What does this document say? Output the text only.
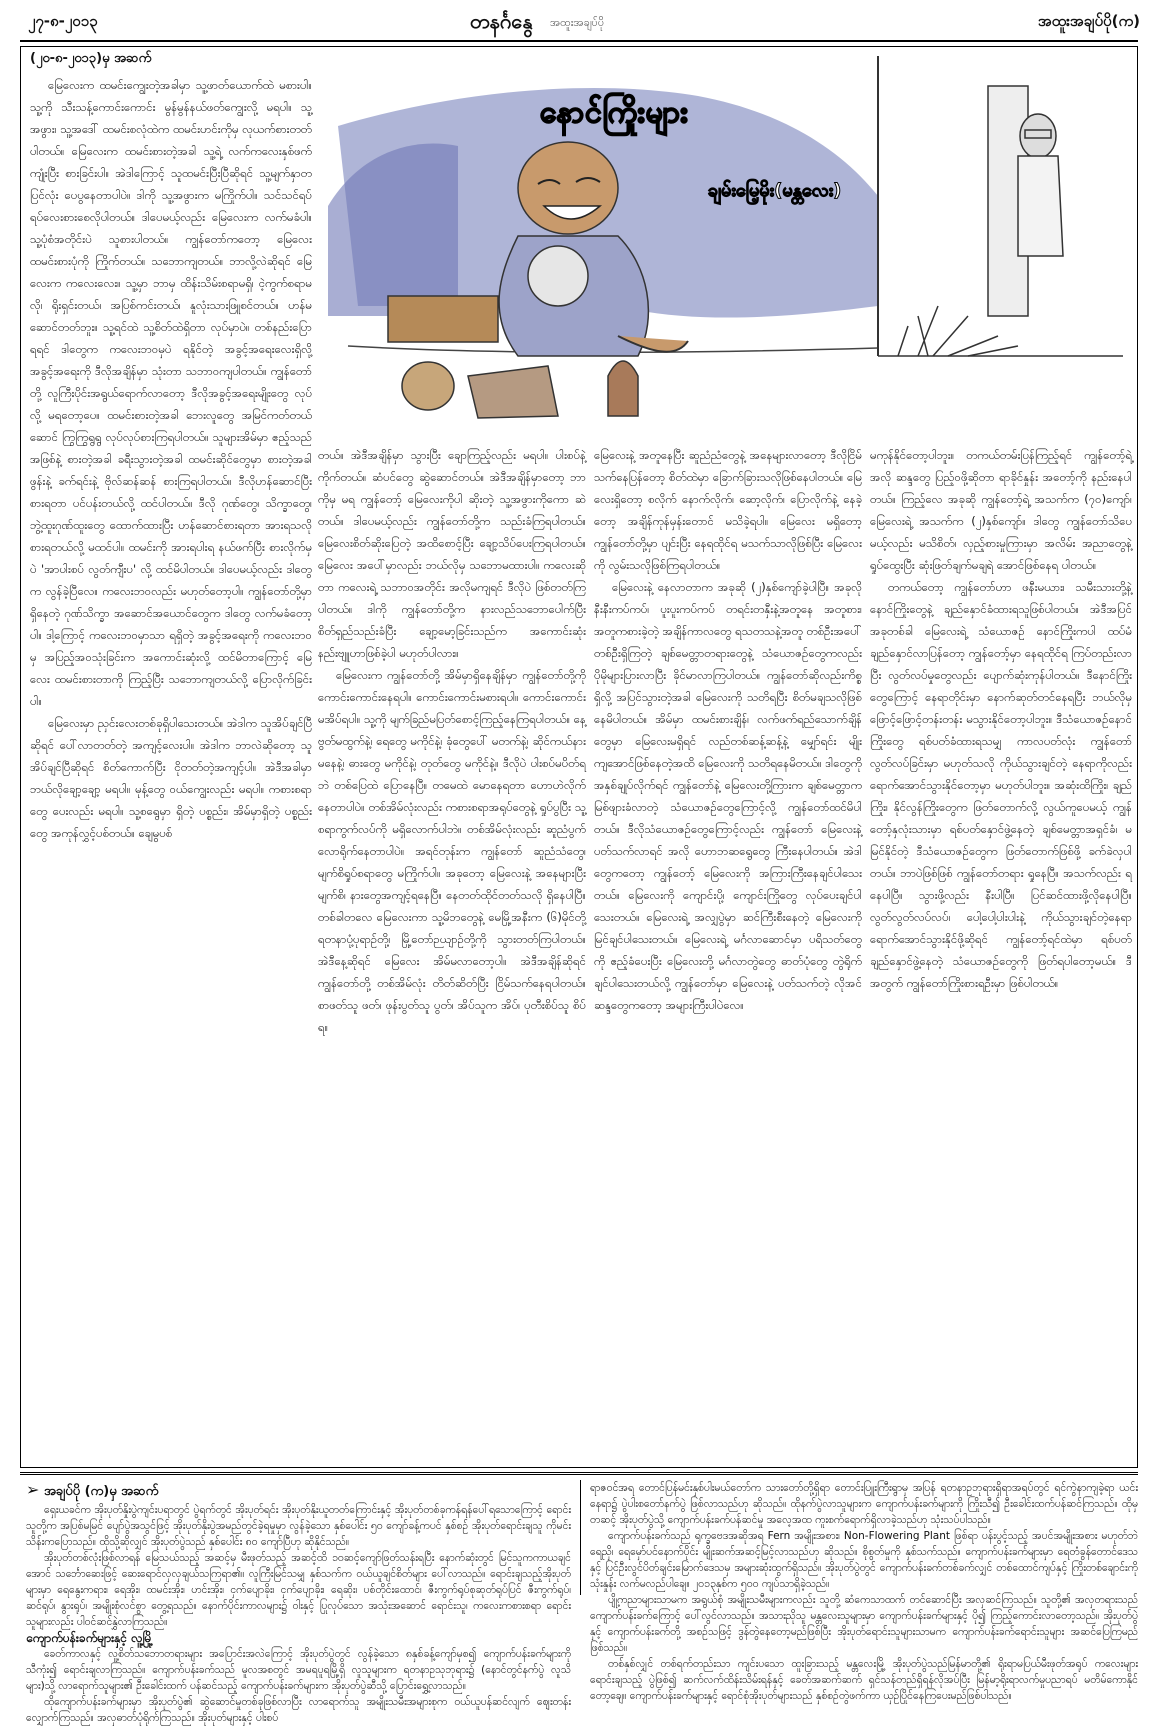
၂၇-၈-၂၀၁၃	တနင်္ဂနွေ အထူးအချပ်ပို	အထူးအချပ်ပို(က)
(၂၀-၈-၂၀၁၃)မှ အဆက်

မြေလေးက ထမင်းကျွေးတဲ့အခါမှာ သူ့ဖာတ်ယောက်ထဲ မစားပါ။ သူ့ကို သီးသန့်ကောင်းကောင်း မွန်မွန်နယ်ဖတ်ကျွေးလို့ မရပါ။ သူ့အဖွား၊ သူ့အဒေါ် ထမင်းစလုံထဲက ထမင်းဟင်းကိုမှ လုယက်စားတတ်ပါတယ်။ မြေလေးက ထမင်းစားတဲ့အခါ သူ့ရဲ့ လက်ကလေးနှစ်ဖက်ကျုံးပြီး စားခြင်းပါ။ အဲဒါကြောင့် သူထမင်းပြီးပြီဆိုရင် သူ့မျက်နှာတပြင်လုံး ပေပွနေတာပါပဲ။ ဒါကို သူ့အဖွားက မကြိုက်ပါ။ သင်သင်ရပ်ရပ်လေးစားစေလိုပါတယ်။ ဒါပေမယ့်လည်း မြေလေးက လက်မခံပါ။ သူ့ပုံစံအတိုင်းပဲ သူစားပါတယ်။ ကျွန်တော်ကတော့ မြေလေးထမင်းစားပုံကို ကြိုက်တယ်။ သဘောကျတယ်။ ဘာလို့လဲဆိုရင် မြေလေးက ကလေးလေး။ သူ့မှာ ဘာမှ ထိန်းသိမ်းစရာမရှိ၊ ငဲ့ကွက်စရာမလို၊ ရိုးရှင်းတယ်၊ အပြစ်ကင်းတယ်၊ နူလုံးသားဖြူစင်တယ်။ ဟန်မဆောင်တတ်ဘူး။ သူ့ရင်ထဲ သူ့စိတ်ထဲရှိတာ လုပ်မှာပဲ။ တစ်နည်းပြောရရင် ဒါတွေက ကလေးဘဝမှပဲ ရနိုင်တဲ့ အခွင့်အရေးလေးရှိလို့ အခွင့်အရေးကို ဒီလိုအချိန်မှာ သုံးတာ သဘာဝကျပါတယ်။ ကျွန်တော်တို့ လူကြီးပိုင်းအရွယ်ရောက်လာတော့ ဒီလိုအခွင့်အရေးမျိုးတွေ လုပ်လို့ မရတော့ပေ။ ထမင်းစားတဲ့အခါ ဘေးလူတွေ အမြင်ကတ်တယ်ဆောင် ကြွကြွရွရွ လုပ်လုပ်စားကြရပါတယ်။ သူများအိမ်မှာ ဧည့်သည်အဖြစ်နဲ့ စားတဲ့အခါ ခရီးသွားတဲ့အခါ ထမင်းဆိုင်တွေမှာ စားတဲ့အခါ ဖွန်းနဲ့ ခက်ရင်းနဲ့ ဗိုလ်ဆန်ဆန် စားကြရပါတယ်။ ဒီလိုဟန်ဆောင်ပြီး စားရတာ ပင်ပန်းတယ်လို့ ထင်ပါတယ်။ ဒီလို ဂုဏ်တွေ၊ သိက္ခာတွေ၊ ဘွဲ့ထူးဂုဏ်ထူးတွေ ထောက်ထားပြီး ဟန်ဆောင်စားရတာ အားရသလို စားရတယ်လို့ မထင်ပါ။ ထမင်းကို အားရပါးရ နယ်ဖက်ပြီး စားလိုက်မှပဲ 'အာပါးစပ် လွတ်ကျီးပ' လို့ ထင်မိပါတယ်။ ဒါပေမယ့်လည်း ဒါတွေက လွန်ခဲ့ပြီလေ။ ကလေးဘဝလည်း မဟုတ်တော့ပါ။ ကျွန်တော်တို့မှာ ရှိနေတဲ့ ဂုဏ်သိက္ခာ အဆောင်အယောင်တွေက ဒါတွေ လက်မခံတော့ပါ။ ဒါ့ကြောင့် ကလေးဘဝမှာသာ ရရှိတဲ့ အခွင့်အရေးကို ကလေးဘဝမှ အပြည့်အဝသုံးခြင်းက အကောင်းဆုံးလို့ ထင်မိတာကြောင့် မြေလေး ထမင်းစားတာကို ကြည့်ပြီး သဘောကျတယ်လို့ ပြောလိုက်ခြင်းပါ။

မြေလေးမှာ ညှင်းလေးတစ်ခုရှိပါသေးတယ်။ အဲဒါက သူအိပ်ချင်ပြီဆိုရင် ပေါ်လာတတ်တဲ့ အကျင့်လေးပါ။ အဲဒါက ဘာလဲဆိုတော့ သူအိပ်ချင်ပြီဆိုရင် စိတ်ကောက်ပြီး ငိုတတ်တဲ့အကျင့်ပါ။ အဲဒီအခါမှာ ဘယ်လိုချော့ချော့ မရပါ။ မုန့်တွေ ဝယ်ကျွေးလည်း မရပါ။ ကစားစရာတွေ ပေးလည်း မရပါ။ သူ့စရွေမှာ ရှိတဲ့ ပစ္စည်း၊ အိမ်မှာရှိတဲ့ ပစ္စည်းတွေ အကုန်လွှင့်ပစ်တယ်။ ချေမွပစ်

နောင်ကြိုးများ
ချမ်းမြေ့မိုး(မန္တလေး)

တယ်။ အဲဒီအချိန်မှာ သွားပြီး ချောကြည့်လည်း မရပါ။ ပါးစပ်နဲ့ ကိုက်တယ်။ ဆံပင်တွေ ဆွဲဆောင်တယ်။ အဲဒီအချိန်မှာတော့ ဘာကိုမှ မရ ကျွန်တော့် မြေလေးကိုပါ ဆိုးတဲ့ သူ့အဖွားကိုကော ဆဲတယ်။ ဒါပေမယ့်လည်း ကျွန်တော်တို့က သည်းခံကြရပါတယ်။ မြေလေးစိတ်ဆိုးပြေတဲ့ အထိစောင့်ပြီး ချော့သိပ်ပေးကြရပါတယ်။ မြေလေး အပေါ်မှာလည်း ဘယ်လိုမှ သဘောမထားပါ။ ကလေးဆိုတာ ကလေးရဲ့ သဘာဝအတိုင်း အလိုမကျရင် ဒီလိုပဲ ဖြစ်တတ်ကြပါတယ်။ ဒါကို ကျွန်တော်တို့က နားလည်သဘောပေါက်ပြီး စိတ်ရှည်သည်းခံပြီး ချော့မော့ခြင်းသည်က အကောင်းဆုံးနည်းဗျူဟာဖြစ်ခဲ့ပါ မဟုတ်ပါလား။

မြေလေးက ကျွန်တော်တို့ အိမ်မှာရှိနေချိန်မှာ ကျွန်တော်တို့ကို ကောင်းကောင်းနေရပါ။ ကောင်းကောင်းမစားရပါ။ ကောင်းကောင်း မအိပ်ရပါ။ သူ့ကို မျက်ခြည်မပြတ်စောင့်ကြည့်နေကြရပါတယ်။ နေ့ဗွတ်မထွက်နဲ့၊ ရေတွေ မကိုင်နဲ့၊ ခုံတွေပေါ် မတက်နဲ့၊ ဆိုင်ကယ်နား မနေနဲ့၊ ဓားတွေ မကိုင်နဲ့၊ တုတ်တွေ မကိုင်နဲ့။ ဒီလိုပဲ ပါးစပ်မပိတ်ရဘဲ တစ်ပြေထဲ ပြောနေပြီ။ တမေထဲ မောနေရတာ ဟောဟဲလိုက်နေတာပါပဲ။ တစ်အိမ်လုံးလည်း ကစားစရာအရုပ်တွေနဲ့ ရှုပ်ပွပြီး သူ့စရာကွက်လပ်ကို မရှိလောက်ပါဘဲ။ တစ်အိမ်လုံးလည်း ဆူညံပွက်လောရိုက်နေတာပါပဲ။ အရင်တုန်းက ကျွန်တော် ဆူညံသံတွေ၊ မျက်စိရှုပ်စရာတွေ မကြိုက်ပါ။ အခုတော့ မြေလေးနဲ့ အနေများပြီး မျက်စိ၊ နားတွေအကျင့်ရနေပြီ။ နေတတ်ထိုင်တတ်သလို ရှိနေပါပြီ။ တစ်ခါတလေ မြေလေးကာ သူ့မိဘတွေနဲ့ မေမြို့အနီးက (၆)မိုင်တို့ ရတနာပုံ့ပုရာဉ်တို့၊ မြို့တော်ဉယျာဉ်တို့ကို သွားတတ်ကြပါတယ်။ အဲဒီနေ့ဆိုရင် မြေလေး အိမ်မလာတော့ပါ။ အဲဒီအချိန်ဆိုရင် ကျွန်တော်တို့ တစ်အိမ်လုံး တိတ်ဆိတ်ပြီး ငြိမ်သက်နေရပါတယ်။ စာဖတ်သူ ဖတ်၊ ဖုန်းပွတ်သူ ပွတ်၊ အိပ်သူက အိပ်၊ ပုတီးစိပ်သူ စိပ်ရ။

မြေလေးနဲ့ အတူနေပြီး ဆူညံညံတွေနဲ့ အနေများလာတော့ ဒီလိုငြိမ်သက်နေပြန်တော့ စိတ်ထဲမှာ ခြောက်ခြားသလိုဖြစ်နေပါတယ်။ မြေလေးရှိတော့ စလိုက် နောက်လိုက်၊ ဆော့လိုက်၊ ပြောလိုက်နဲ့ နေခဲ့တော့ အချိန်ကုန်မှန်းတောင် မသိခဲ့ရပါ။ မြေလေး မရှိတော့ ကျွန်တော်တို့မှာ ပျင်းပြီး နေရထိုင်ရ မသက်သာလိုဖြစ်ပြီး မြေလေးကို လွမ်းသလိုဖြစ်ကြရပါတယ်။

မြေလေးနဲ့ နေလာတာက အခုဆို (၂)နှစ်ကျော်ခဲ့ပါပြီ။ အခုလို နီးနီးကပ်ကပ်၊ ပူးပူးကပ်ကပ် တရင်းတနှီးနဲ့အတူနေ အတူစား၊ အတူကစားခဲ့တဲ့ အချိန်ကာလတွေ ရသတသနဲ့အတူ တစ်ဦးအပေါ် တစ်ဦးရှိကြတဲ့ ချစ်မေတ္တာတရားတွေနဲ့ သံယောဇဉ်တွေကလည်း ပိုမိုများပြားလာပြီး ခိုင်မာလာကြပါတယ်။ ကျွန်တော်ဆိုလည်းကိစ္စရှိလို့ အပြင်သွားတဲ့အခါ မြေလေးကို သတိရပြီး စိတ်မချသလိုဖြစ်နေမိပါတယ်။ အိမ်မှာ ထမင်းစားချိန်၊ လက်ဖက်ရည်သောက်ချိန်တွေမှာ မြေလေးမရှိရင် လည်တစ်ဆန့်ဆန့်နဲ့ မျှော်ရင်း မျိုးကျအောင်ဖြစ်နေတဲ့အထိ မြေလေးကို သတိရနေမိတယ်။ ဒါတွေကို အနှစ်ချုပ်လိုက်ရင် ကျွန်တော်နဲ့ မြေလေးတို့ကြားက ချစ်မေတ္တာက မြစ်ဖျားခံလာတဲ့ သံယောဇဉ်တွေကြောင့်လို့ ကျွန်တော်ထင်မိပါတယ်။ ဒီလိုသံယောဇဉ်တွေကြောင့်လည်း ကျွန်တော် မြေလေးနဲ့ ပတ်သက်လာရင် အလို ဟောဘဆရွေတွေ ကြီးနေပါတယ်။ အဲဒါတွေကတော့ ကျွန်တော့် မြေလေးကို အကြားကြီးနေချင်ပါသေးတယ်။ မြေလေးကို ကျောင်းပို့၊ ကျောင်းကြိုတွေ လုပ်ပေးချင်ပါသေးတယ်။ မြေလေးရဲ့ အလျှပွဲမှာ ဆင်ကြီးစီးနေတဲ့ မြေလေးကို မြင်ချင်ပါသေးတယ်။ မြေလေးရဲ့ မင်္ဂလာဆောင်မှာ ပရိသတ်တွေကို ဧည့်ခံပေးပြီး မြေလေးတို့ မင်္ဂလာတွဲတွေ ဓာတ်ပုံတွေ တွဲရိုက်ချင်ပါသေးတယ်လို့ ကျွန်တော်မှာ မြေလေးနဲ့ ပတ်သက်တဲ့ လိုအင်ဆန္ဒတွေကတော့ အများကြီးပါပဲလေ။

မကုန်နိုင်တော့ပါဘူး။ တကယ်တမ်းပြန်ကြည့်ရင် ကျွန်တော့်ရဲ့ အလို ဆန္ဒတွေ ပြည့်ဝဖို့ဆိုတာ ရာခိုင်နှုန်း အတော့်ကို နည်းနေပါတယ်။ ကြည့်လေ အခုဆို ကျွန်တော့်ရဲ့ အသက်က (၇၀)ကျော်၊ မြေလေးရဲ့ အသက်က (၂)နှစ်ကျော်။ ဒါတွေ ကျွန်တော်သိပေမယ့်လည်း မသိစိတ်၊ လှည့်စားမှုကြားမှာ အလိမ်း အညာတွေနဲ့ ရှုပ်ထွေးပြီး ဆုံးဖြတ်ချက်မချရဲ အောင်ဖြစ်နေရ ပါတယ်။

တကယ်တော့ ကျွန်တော်ဟာ ဖနီးမယား၊ သမီးသားတို့နဲ့ နောင်ကြိုးတွေနဲ့ ချည်နှောင်ခံထားရသူဖြစ်ပါတယ်။ အဲဒီအပြင် အခုတစ်ခါ မြေလေးရဲ့ သံယောဇဉ် နောင်ကြိုးကပါ ထပ်မံချည်နှောင်လာပြန်တော့ ကျွန်တော့်မှာ နေရထိုင်ရ ကြပ်တည်းလာပြီး လွတ်လပ်မှုတွေလည်း ပျောက်ဆုံးကုန်ပါတယ်။ ဒီနောင်ကြိုးတွေကြောင့် နေရာတိုင်းမှာ နောက်ဆုတ်တင်နေရပြီး ဘယ်လိုမှ ဖြောင့်ဖြောင့်တန်းတန်း မသွားနိုင်တော့ပါဘူး။ ဒီသံယောဇဉ်နောင်ကြိုးတွေ ရစ်ပတ်ခံထားရသမျှ ကာလပတ်လုံး ကျွန်တော် လွတ်လပ်ခြင်းမှာ မဟုတ်သလို ကိုယ်သွားချင်တဲ့ နေရာကိုလည်း ရောက်အောင်သွားနိုင်တော့မှာ မဟုတ်ပါဘူး။ အဆုံးထိကြိုး၊ ချည်ကြိုး၊ နိုင်လွန်ကြိုးတွေက ဖြတ်တောက်လို့ လွယ်ကူပေမယ့် ကျွန်တော့်နှလုံးသားမှာ ရစ်ပတ်နှောင်ဖွဲ့နေတဲ့ ချစ်မေတ္တာအရှင်ခံ၊ မမြင်နိုင်တဲ့ ဒီသံယောဇဉ်တွေက ဖြတ်တောက်ဖြစ်ဖို့ ခက်ခဲလှပါတယ်။ ဘာပဲဖြစ်ဖြစ် ကျွန်တော်တရား ရှုနေပြီ။ အသက်လည်း ရနေပါပြီ။ သွားဖို့လည်း နီးပါပြီ။ ပြင်ဆင်ထားဖို့လိုနေပါပြီ။ လွတ်လွတ်လပ်လပ်၊ ပေါ့ပေါ့ပါးပါးနဲ့ ကိုယ်သွားချင်တဲ့နေရာ ရောက်အောင်သွားနိုင်ဖို့ဆိုရင် ကျွန်တော့်ရင်ထဲမှာ ရစ်ပတ်ချည်နှောင်ဖွဲ့နေတဲ့ သံယောဇဉ်တွေကို ဖြတ်ရပါတော့မယ်။ ဒီအတွက် ကျွန်တော်ကြိုးစားရဦးမှာ ဖြစ်ပါတယ်။

➢ အချပ်ပို (က)မှ အဆက်

ရှေးယခင်က အိုးပုတ်နှိုးပွဲကျင်းပရာတွင် ပွဲရက်တွင် အိုးပုတ်ရင်း အိုးပုတ်နိုးယူတတ်ကြောင်းနှင့် အိုးပုတ်တစ်ခုကန်ရန်ပေါ်ရသောကြောင့် ရောင်းသူတို့က အပြစ်မမြင် ပျော်ပွဲအသွင်ဖြင့် အိုးပုတ်နိုးပွဲအမည်တွင်ခဲ့ရမှုမှာ လွန်ခဲ့သော နှစ်ပေါင်း ၅၀ ကျော်ခန့်ကပင် နှစ်စဉ် အိုးပုတ်ရောင်းချသူ ကိုမင်းသိန်းကပြောသည်။ ထိုသို့ဆိုလျှင် အိုးပုတ်ပွဲသည် နှစ်ပေါင်း ၈၀ ကျော်ပြီဟု ဆိုနိုင်သည်။

အိုးပုတ်တစ်လုံးဖြစ်လာရန် မြေသယ်သည့် အဆင့်မှ မီးဖုတ်သည့် အဆင့်ထိ ၁၀ဆင့်ကျော်ဖြတ်သန်းရပြီး နောက်ဆုံးတွင် မြင်သူကကာယချင်အောင် သင်္ဘောဆေးဖြင့် ဆေးရောင်လှလှချယ်သကြရာ၏။ လူကြီးမြင်သမျှ နှစ်သက်က ဝယ်ယူချင်စိတ်များ ပေါ်လာသည်။ ရောင်းချသည့်အိုးပုတ်များမှာ ရေနွေးကရား၊ ရေအိုး၊ ထမင်းအိုး၊ ဟင်းအိုး၊ ငှက်ပျောခိုး၊ ငှက်ပျောခိုး၊ ရေဆိုး၊ ပစ်တိုင်းထောင်၊ ဇီးကွက်ရုပ်စုဆုတ်ရုပ်ပြင် ဇီးကွက်ရုပ်၊ ဆင်ရုပ်၊ နွားရုပ်၊ အမျိုးစုံလင်စွာ တွေ့ရသည်။ နောက်ပိုင်းကာလများ၌ ဝါးနှင့် ပြုလုပ်သော အသုံးအဆောင် ရောင်းသူ၊ ကလေးကစားစရာ ရောင်းသူများလည်း ပါဝင်ဆင်နွှဲလာကြသည်။

ကျောက်ပန်းခက်များနှင့် လူ့မြို့

ခေတ်ကာလနှင့် လူ့စိတ်သဘောတရားများ အပြောင်းအလဲကြောင့် အိုးပုတ်ပွဲတွင် လွန်ခဲ့သော ၈နှစ်ခန့်ကျော်မှစ၍ ကျောက်ပန်းခက်များကို သီကုံး၍ ရောင်းချလာကြသည်။ ကျောက်ပန်းခက်သည် မူလအစတွင် အမရပူရမြို့ရှိ လူသူများက ရတနာဥသုဘုရား၌ (နောင်တွင်နက်ပွဲ လူသိများ)သို့ လာရောက်သူများ၏ ဦးခေါင်းထက် ပန်ဆင်သည့် ကျောက်ပန်းခက်များက အိုးပုတ်ပွဲဆီသို့ ပြောင်းရွှေ့လာသည်။

ထိုကျောက်ပန်းခက်များမှာ အိုးပုတ်ပွဲ၏ ဆွဲဆောင်မှုတစ်ခုဖြစ်လာပြီး လာရောက်သူ အမျိုးသမီးအများစုက ဝယ်ယူပန်ဆင်လျက် ဈေးတန်းလျှောက်ကြသည်။ အလှဓာတ်ပုံရိုက်ကြသည်။ အိုးပုတ်များနှင့် ပါးစပ်

ရာဇဝင်အရ တောင်ပြန်မင်းနှစ်ပါးမယ်တော်က သားတော်တို့ရှိရာ တောင်းပြူးကြီးရွာမှ အပြန် ရတနာဥဘုရားရှိရာအရပ်တွင် ရင်ကွဲနာကျခဲ့ရာ ယင်းနေရာ၌ ပွဲပါးစတော်နက်ပွဲ ဖြစ်လာသည်ဟု ဆိုသည်။ ထိုနက်ပွဲလာသူများက ကျောက်ပန်းခက်များကို ကြိုးသီ၍ ဦးခေါင်းထက်ပန်ဆင်ကြသည်။ ထိုမှတဆင့် အိုးပုတ်ပွဲသို့ ကျောက်ပန်းခက်ပန်ဆင်မှု အလေ့အထ ကူးစက်ရောက်ရှိလာခဲ့သည်ဟု သုံးသပ်ပါသည်။

ကျောက်ပန်းခက်သည် ရုက္ခဗေဒအဆိုအရ Fern အမျိုးအစား၊ Non-Flowering Plant ဖြစ်ရာ ပန်းပွင့်သည့် အပင်အမျိုးအစား မဟုတ်ဘဲ ရေညှိ၊ ရေမှော်ပင်နောက်ပိုင်း မျိုးဆက်အဆင့်မြင့်လာသည်ဟု ဆိုသည်။ စိုစွတ်မှုကို နှစ်သက်သည်။ ကျောက်ပန်းခက်များမှာ ရေတံခွန်တောင်ဒေသနှင့် ပြင်ဦးလွင်ပိတ်ချင်းမြောက်ဒေသမှ အများဆုံးထွက်ရှိသည်။ အိုးပုတ်ပွဲတွင် ကျောက်ပန်းခက်တစ်ခက်လျှင် တစ်ထောင်ကျပ်နှင့် ကြိုးတစ်ချောင်းကိုသုံးနှုန်း လက်မလည်ပါချေ။ ၂၀၁၃နှစ်က ၅၀၀ ကျပ်သာရှိခဲ့သည်။

ပျို့ကညာများသာမက အရွယ်စုံ အမျိုးသမီးများကလည်း သူတို့ ဆံကေသာထက် တင်ဆောင်ပြီး အလှဆင်ကြသည်။ သူတို့၏ အလှတရားသည် ကျောက်ပန်းခက်ကြောင့် ပေါ်လွင်လာသည်။ အသားညိုသူ မန္တလေးသူများမှာ ကျောက်ပန်းခက်များနှင့် ပို၍ ကြည့်ကောင်းလာတော့သည်။ အိုးပုတ်ပွဲနှင့် ကျောက်ပန်းခက်တို့ အစဉ်သဖြင့် ဒွန်တွဲနေတော့မည်ဖြစ်ပြီး အိုးပုတ်ရောင်းသူများသာမက ကျောက်ပန်းခက်ရောင်းသူများ အဆင်ပြေကြမည်ဖြစ်သည်။

တစ်နှစ်လျှင် တစ်ရက်တည်းသာ ကျင်းပသော ထူးခြားသည့် မန္တလေးမြို့ အိုးပုတ်ပွဲသည်မြန်မာတို့၏ ရိုးရာမပြယ်မီးဖုတ်အရုပ် ကလေးများရောင်းချသည့် ပွဲဖြစ်၍ ဆက်လက်ထိန်းသိမ်းရန်နှင့် ခေတ်အဆက်ဆက် ရှင်သန်တည်ရှိရန်လိုအပ်ပြီး မြန်မာ့ရိုးရာလက်မှုပညာရပ် မတိမ်ကောနိုင်တော့ချေ။ ကျောက်ပန်းခက်များနှင့် ရောင်စုံအိုးပုတ်များသည် နှစ်စဉ်တွဲဖက်ကာ ယှဉ်ပြိုင်နေကြပေးမည်ဖြစ်ပါသည်။
